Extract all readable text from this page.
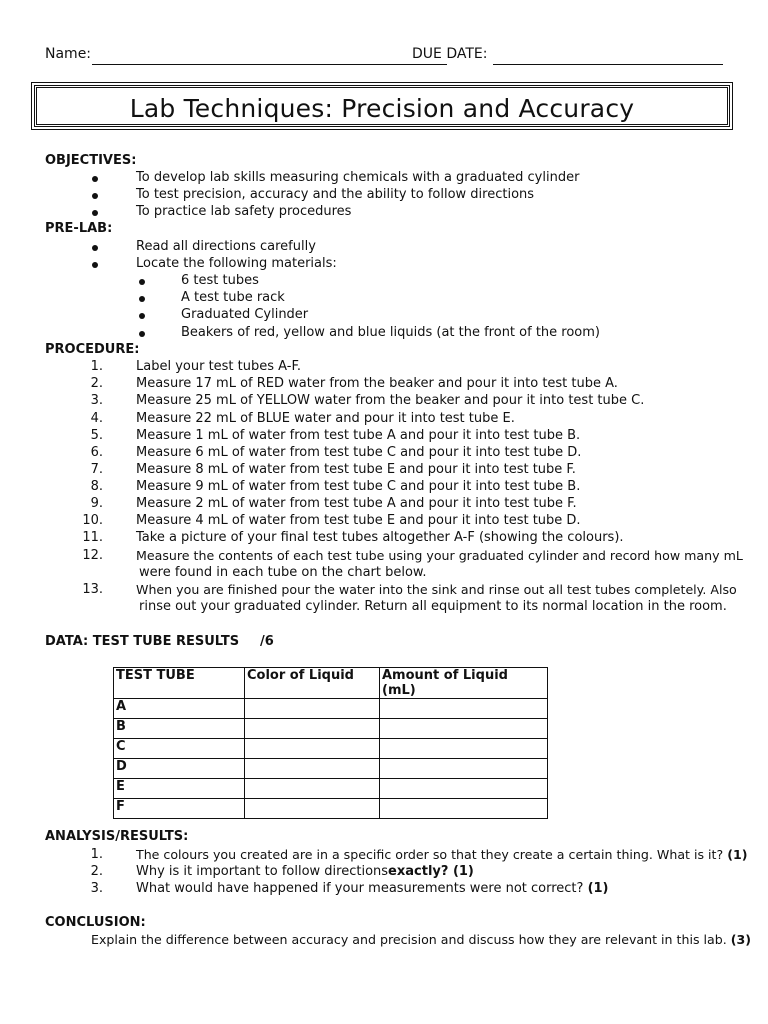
Name:	DUE DATE:
Lab Techniques: Precision and Accuracy
OBJECTIVES:
To develop lab skills measuring chemicals with a graduated cylinder
To test precision, accuracy and the ability to follow directions
To practice lab safety procedures
PRE-LAB:
Read all directions carefully
Locate the following materials:
6 test tubes
A test tube rack
Graduated Cylinder
Beakers of red, yellow and blue liquids (at the front of the room)
PROCEDURE:
1.	Label your test tubes A-F.
2.	Measure 17 mL of RED water from the beaker and pour it into test tube A.
3.	Measure 25 mL of YELLOW water from the beaker and pour it into test tube C.
4.	Measure 22 mL of BLUE water and pour it into test tube E.
5.	Measure 1 mL of water from test tube A and pour it into test tube B.
6.	Measure 6 mL of water from test tube C and pour it into test tube D.
7.	Measure 8 mL of water from test tube E and pour it into test tube F.
8.	Measure 9 mL of water from test tube C and pour it into test tube B.
9.	Measure 2 mL of water from test tube A and pour it into test tube F.
10.	Measure 4 mL of water from test tube E and pour it into test tube D.
11.	Take a picture of your final test tubes altogether A-F (showing the colours).
12.	Measure the contents of each test tube using your graduated cylinder and record how many mL
were found in each tube on the chart below.
13.	When you are finished pour the water into the sink and rinse out all test tubes completely. Also
rinse out your graduated cylinder. Return all equipment to its normal location in the room.
DATA: TEST TUBE RESULTS /6
TEST TUBE	Color of Liquid	Amount of Liquid (mL)
A		
B		
C		
D		
E		
F		
ANALYSIS/RESULTS:
1.	The colours you created are in a specific order so that they create a certain thing. What is it? (1)
2.	Why is it important to follow directionsexactly? (1)
3.	What would have happened if your measurements were not correct? (1)
CONCLUSION:
Explain the difference between accuracy and precision and discuss how they are relevant in this lab. (3)
